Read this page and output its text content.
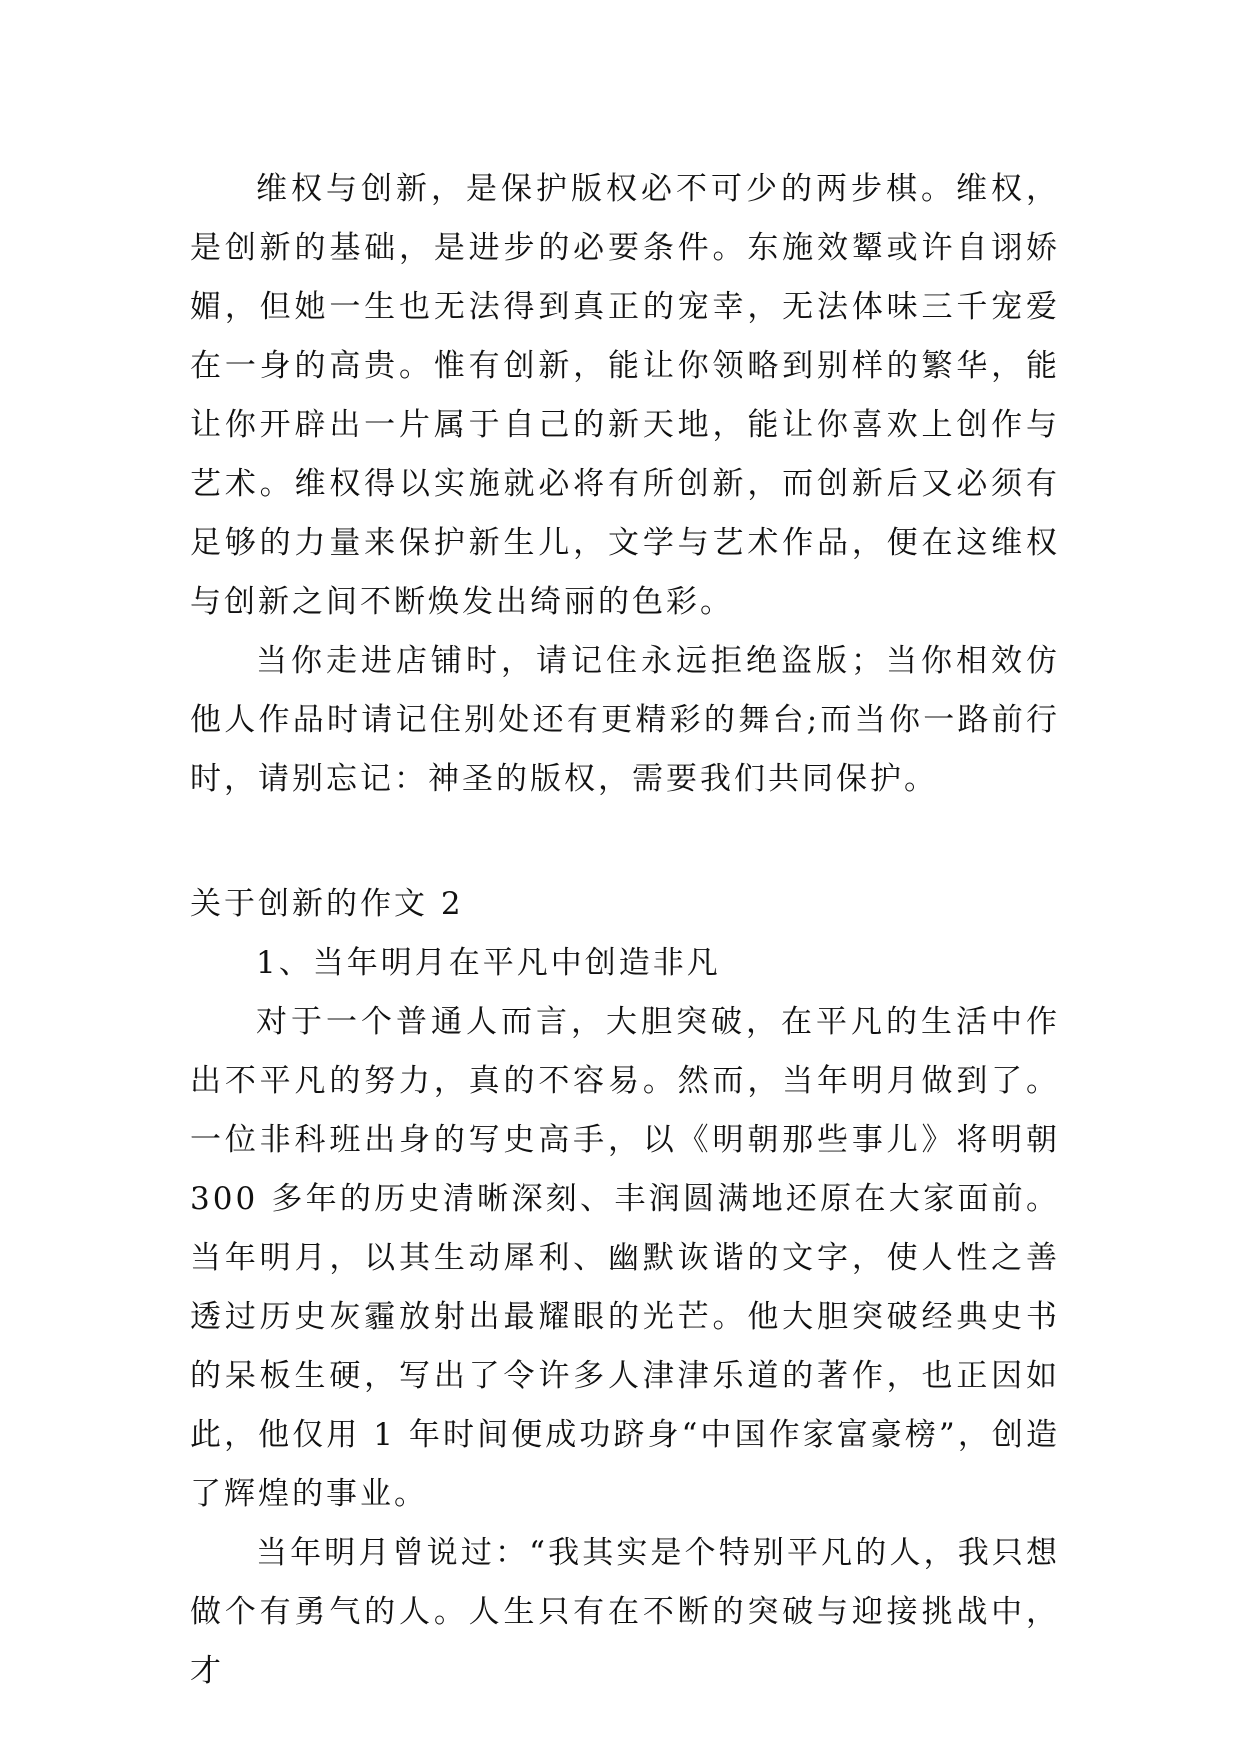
维权与创新，是保护版权必不可少的两步棋。维权，是创新的基础，是进步的必要条件。东施效颦或许自诩娇媚，但她一生也无法得到真正的宠幸，无法体味三千宠爱在一身的高贵。惟有创新，能让你领略到别样的繁华，能让你开辟出一片属于自己的新天地，能让你喜欢上创作与艺术。维权得以实施就必将有所创新，而创新后又必须有足够的力量来保护新生儿，文学与艺术作品，便在这维权与创新之间不断焕发出绮丽的色彩。

当你走进店铺时，请记住永远拒绝盗版；当你相效仿他人作品时请记住别处还有更精彩的舞台;而当你一路前行时，请别忘记：神圣的版权，需要我们共同保护。

关于创新的作文 2

1、当年明月在平凡中创造非凡

对于一个普通人而言，大胆突破，在平凡的生活中作出不平凡的努力，真的不容易。然而，当年明月做到了。一位非科班出身的写史高手，以《明朝那些事儿》将明朝 300 多年的历史清晰深刻、丰润圆满地还原在大家面前。当年明月，以其生动犀利、幽默诙谐的文字，使人性之善透过历史灰霾放射出最耀眼的光芒。他大胆突破经典史书的呆板生硬，写出了令许多人津津乐道的著作，也正因如此，他仅用 1 年时间便成功跻身“中国作家富豪榜”，创造了辉煌的事业。

当年明月曾说过：“我其实是个特别平凡的人，我只想做个有勇气的人。人生只有在不断的突破与迎接挑战中，才
